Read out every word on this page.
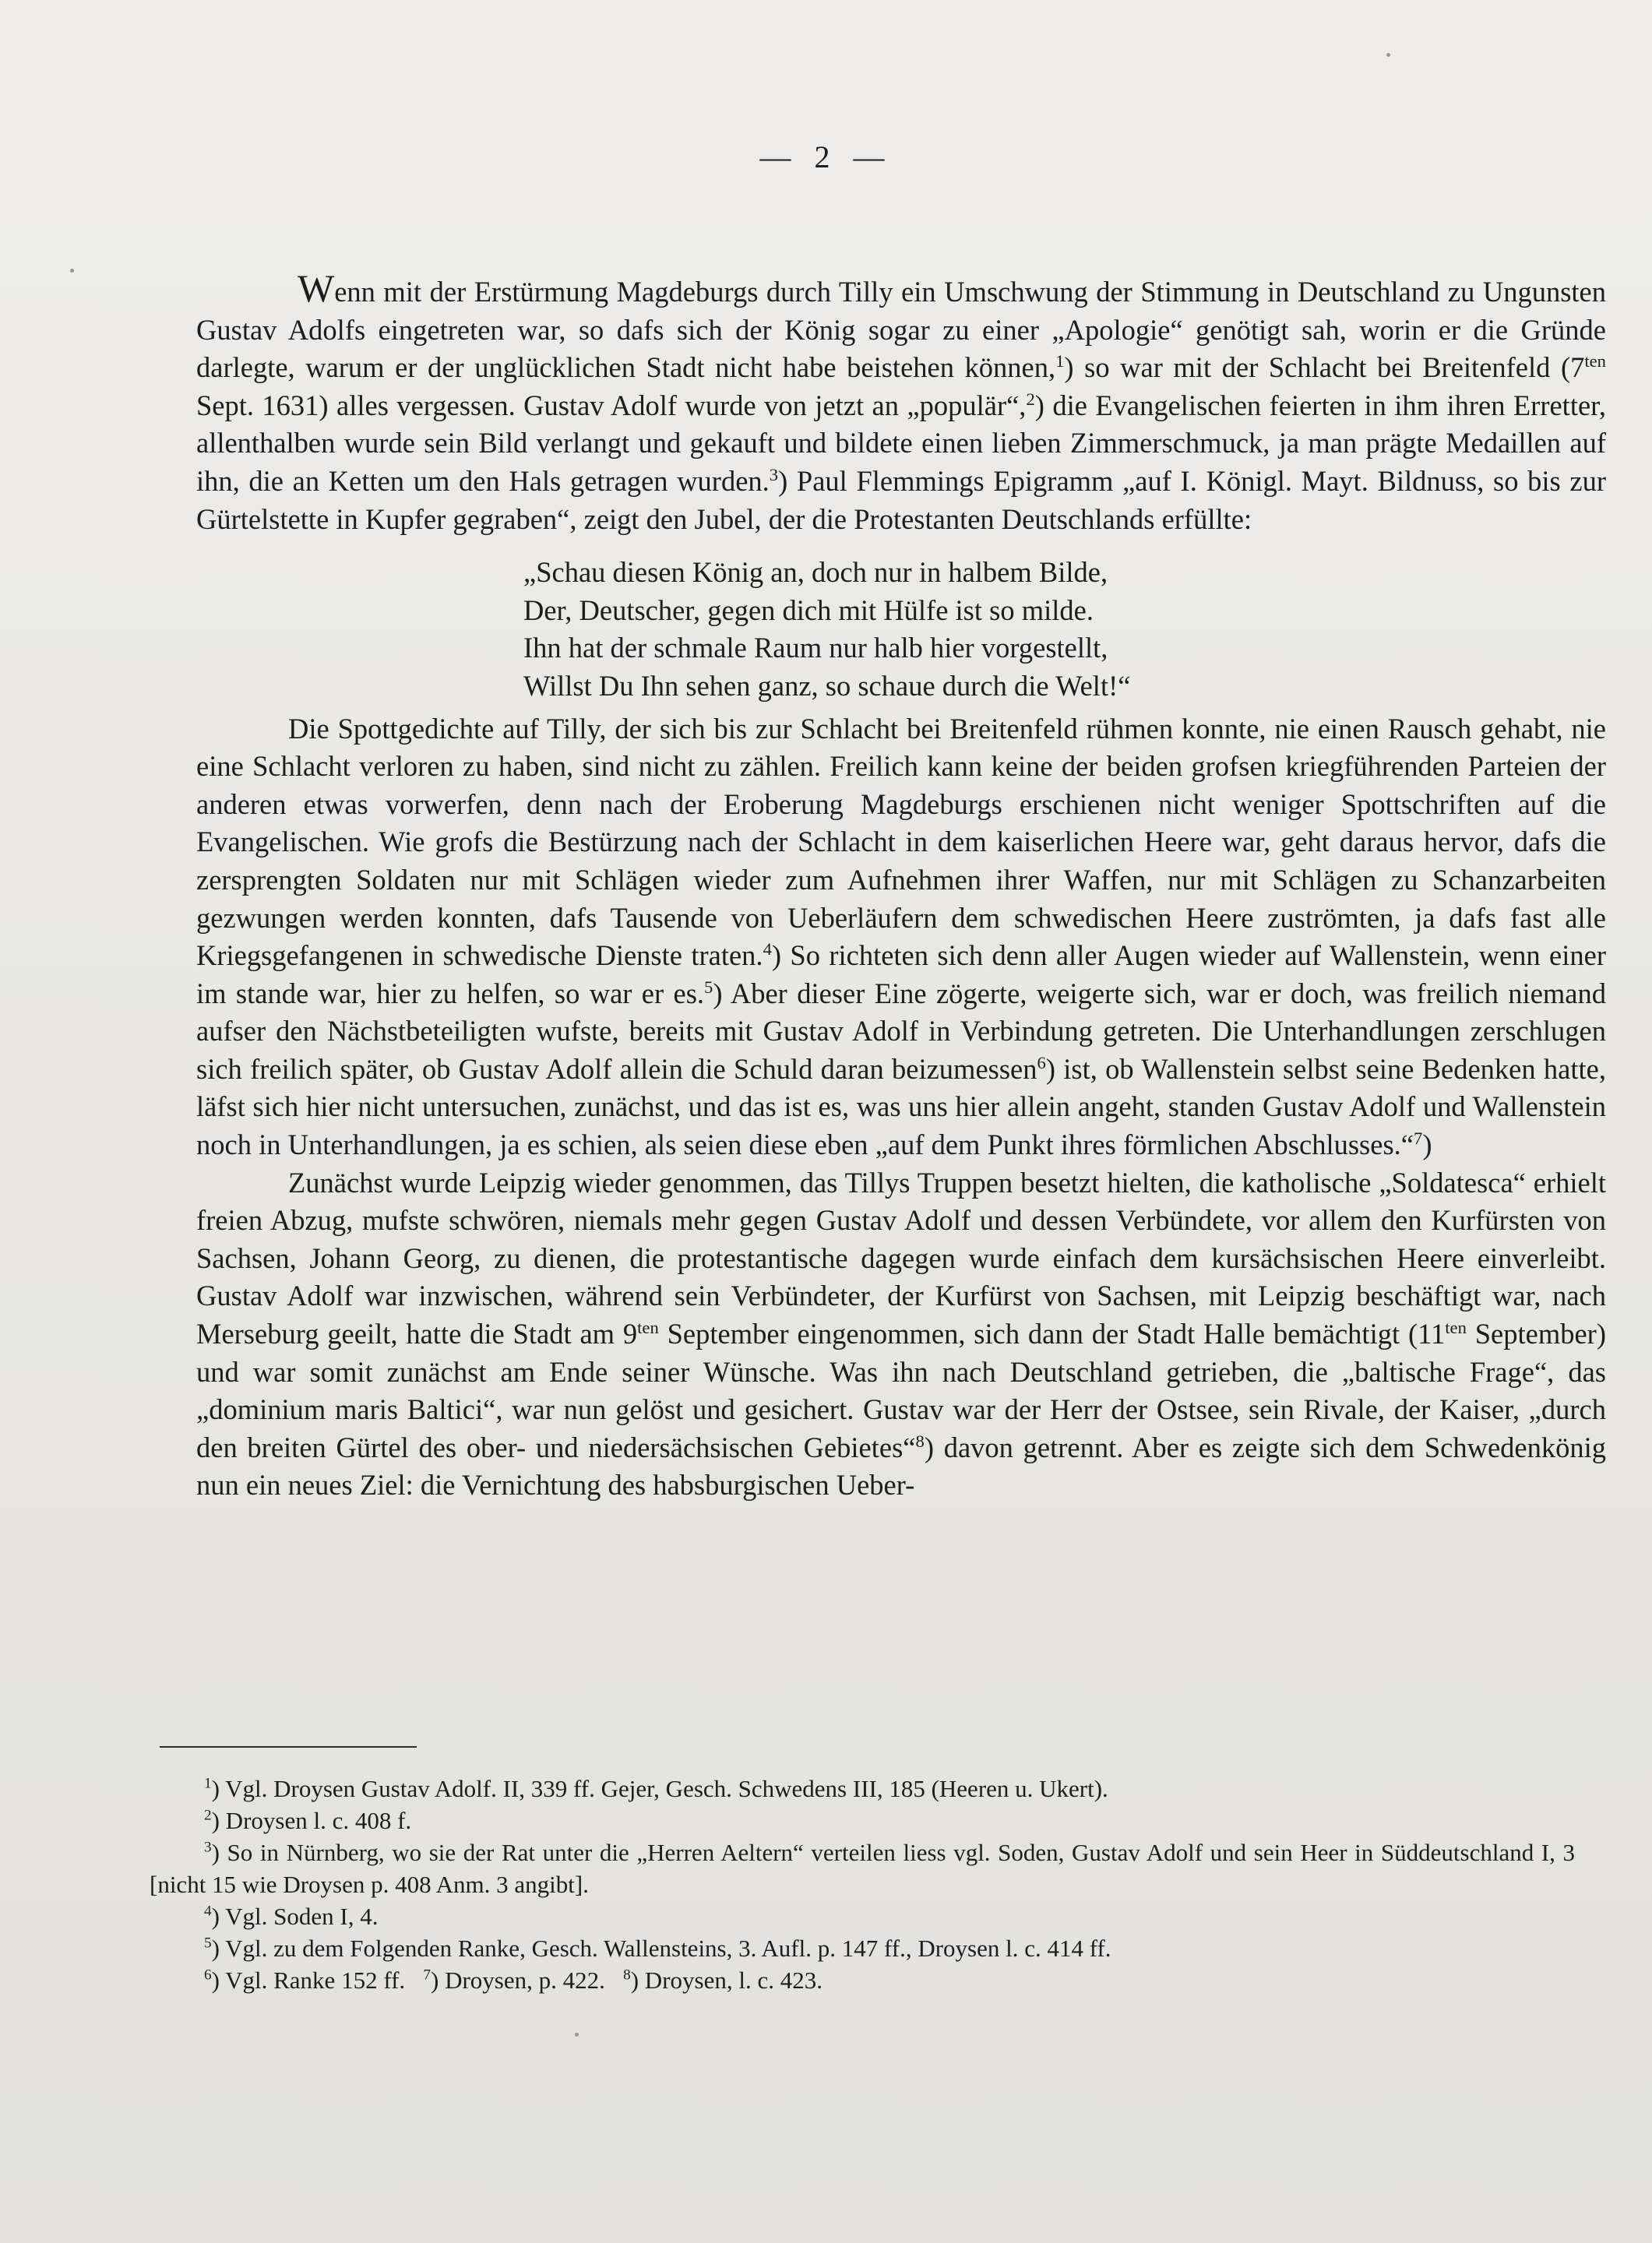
— 2 —

Wenn mit der Erstürmung Magdeburgs durch Tilly ein Umschwung der Stimmung in Deutschland zu Ungunsten Gustav Adolfs eingetreten war, so dafs sich der König sogar zu einer „Apologie“ genötigt sah, worin er die Gründe darlegte, warum er der unglücklichen Stadt nicht habe beistehen können,$^1$) so war mit der Schlacht bei Breitenfeld ($7^{ten}$ Sept. 1631) alles vergessen. Gustav Adolf wurde von jetzt an „populär“,$^2$) die Evangelischen feierten in ihm ihren Erretter, allenthalben wurde sein Bild verlangt und gekauft und bildete einen lieben Zimmerschmuck, ja man prägte Medaillen auf ihn, die an Ketten um den Hals getragen wurden.$^3$) Paul Flemmings Epigramm „auf I. Königl. Mayt. Bildnuss, so bis zur Gürtelstette in Kupfer gegraben“, zeigt den Jubel, der die Protestanten Deutschlands erfüllte:

„Schau diesen König an, doch nur in halbem Bilde,
Der, Deutscher, gegen dich mit Hülfe ist so milde.
Ihn hat der schmale Raum nur halb hier vorgestellt,
Willst Du Ihn sehen ganz, so schaue durch die Welt!“

Die Spottgedichte auf Tilly, der sich bis zur Schlacht bei Breitenfeld rühmen konnte, nie einen Rausch gehabt, nie eine Schlacht verloren zu haben, sind nicht zu zählen. Freilich kann keine der beiden grofsen kriegführenden Parteien der anderen etwas vorwerfen, denn nach der Eroberung Magdeburgs erschienen nicht weniger Spottschriften auf die Evangelischen. Wie grofs die Bestürzung nach der Schlacht in dem kaiserlichen Heere war, geht daraus hervor, dafs die zersprengten Soldaten nur mit Schlägen wieder zum Aufnehmen ihrer Waffen, nur mit Schlägen zu Schanzarbeiten gezwungen werden konnten, dafs Tausende von Ueberläufern dem schwedischen Heere zuströmten, ja dafs fast alle Kriegsgefangenen in schwedische Dienste traten.$^4$) So richteten sich denn aller Augen wieder auf Wallenstein, wenn einer im stande war, hier zu helfen, so war er es.$^5$) Aber dieser Eine zögerte, weigerte sich, war er doch, was freilich niemand aufser den Nächstbeteiligten wufste, bereits mit Gustav Adolf in Verbindung getreten. Die Unterhandlungen zerschlugen sich freilich später, ob Gustav Adolf allein die Schuld daran beizumessen$^6$) ist, ob Wallenstein selbst seine Bedenken hatte, läfst sich hier nicht untersuchen, zunächst, und das ist es, was uns hier allein angeht, standen Gustav Adolf und Wallenstein noch in Unterhandlungen, ja es schien, als seien diese eben „auf dem Punkt ihres förmlichen Abschlusses.“$^7$)

Zunächst wurde Leipzig wieder genommen, das Tillys Truppen besetzt hielten, die katholische „Soldatesca“ erhielt freien Abzug, mufste schwören, niemals mehr gegen Gustav Adolf und dessen Verbündete, vor allem den Kurfürsten von Sachsen, Johann Georg, zu dienen, die protestantische dagegen wurde einfach dem kursächsischen Heere einverleibt. Gustav Adolf war inzwischen, während sein Verbündeter, der Kurfürst von Sachsen, mit Leipzig beschäftigt war, nach Merseburg geeilt, hatte die Stadt am $9^{ten}$ September eingenommen, sich dann der Stadt Halle bemächtigt ($11^{ten}$ September) und war somit zunächst am Ende seiner Wünsche. Was ihn nach Deutschland getrieben, die „baltische Frage“, das „dominium maris Baltici“, war nun gelöst und gesichert. Gustav war der Herr der Ostsee, sein Rivale, der Kaiser, „durch den breiten Gürtel des ober- und niedersächsischen Gebietes“$^8$) davon getrennt. Aber es zeigte sich dem Schwedenkönig nun ein neues Ziel: die Vernichtung des habsburgischen Ueber-

$^1$) Vgl. Droysen Gustav Adolf. II, 339 ff. Gejer, Gesch. Schwedens III, 185 (Heeren u. Ukert).
$^2$) Droysen l. c. 408 f.
$^3$) So in Nürnberg, wo sie der Rat unter die „Herren Aeltern“ verteilen liess vgl. Soden, Gustav Adolf und sein Heer in Süddeutschland I, 3 [nicht 15 wie Droysen p. 408 Anm. 3 angibt].
$^4$) Vgl. Soden I, 4.
$^5$) Vgl. zu dem Folgenden Ranke, Gesch. Wallensteins, 3. Aufl. p. 147 ff., Droysen l. c. 414 ff.
$^6$) Vgl. Ranke 152 ff. $^7$) Droysen, p. 422. $^8$) Droysen, l. c. 423.
